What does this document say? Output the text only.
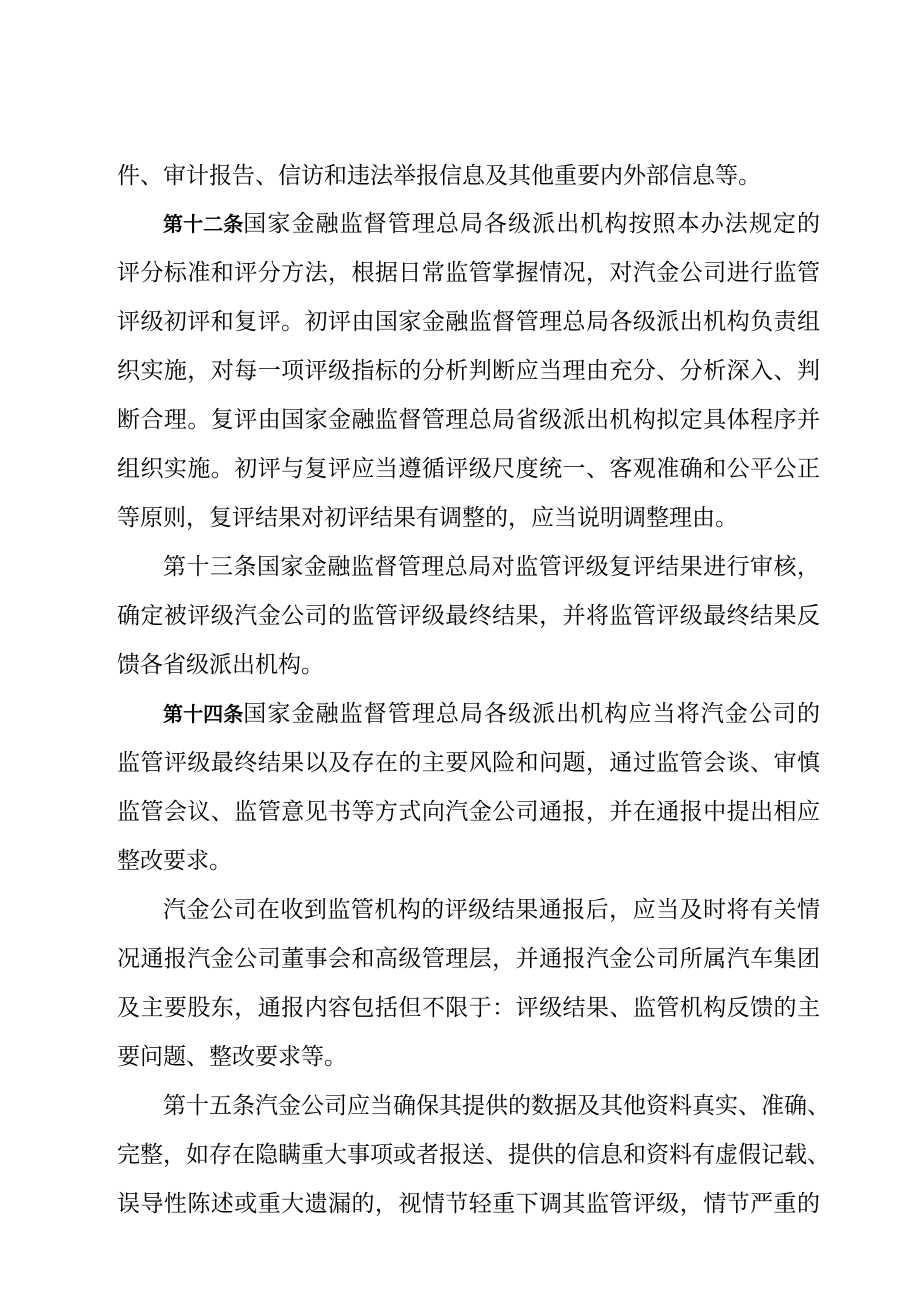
件、审计报告、信访和违法举报信息及其他重要内外部信息等。
第十二条国家金融监督管理总局各级派出机构按照本办法规定的
评分标准和评分方法，根据日常监管掌握情况，对汽金公司进行监管
评级初评和复评。初评由国家金融监督管理总局各级派出机构负责组
织实施，对每一项评级指标的分析判断应当理由充分、分析深入、判
断合理。复评由国家金融监督管理总局省级派出机构拟定具体程序并
组织实施。初评与复评应当遵循评级尺度统一、客观准确和公平公正
等原则，复评结果对初评结果有调整的，应当说明调整理由。
第十三条国家金融监督管理总局对监管评级复评结果进行审核，
确定被评级汽金公司的监管评级最终结果，并将监管评级最终结果反
馈各省级派出机构。
第十四条国家金融监督管理总局各级派出机构应当将汽金公司的
监管评级最终结果以及存在的主要风险和问题，通过监管会谈、审慎
监管会议、监管意见书等方式向汽金公司通报，并在通报中提出相应
整改要求。
汽金公司在收到监管机构的评级结果通报后，应当及时将有关情
况通报汽金公司董事会和高级管理层，并通报汽金公司所属汽车集团
及主要股东，通报内容包括但不限于：评级结果、监管机构反馈的主
要问题、整改要求等。
第十五条汽金公司应当确保其提供的数据及其他资料真实、准确、
完整，如存在隐瞒重大事项或者报送、提供的信息和资料有虚假记载、
误导性陈述或重大遗漏的，视情节轻重下调其监管评级，情节严重的
